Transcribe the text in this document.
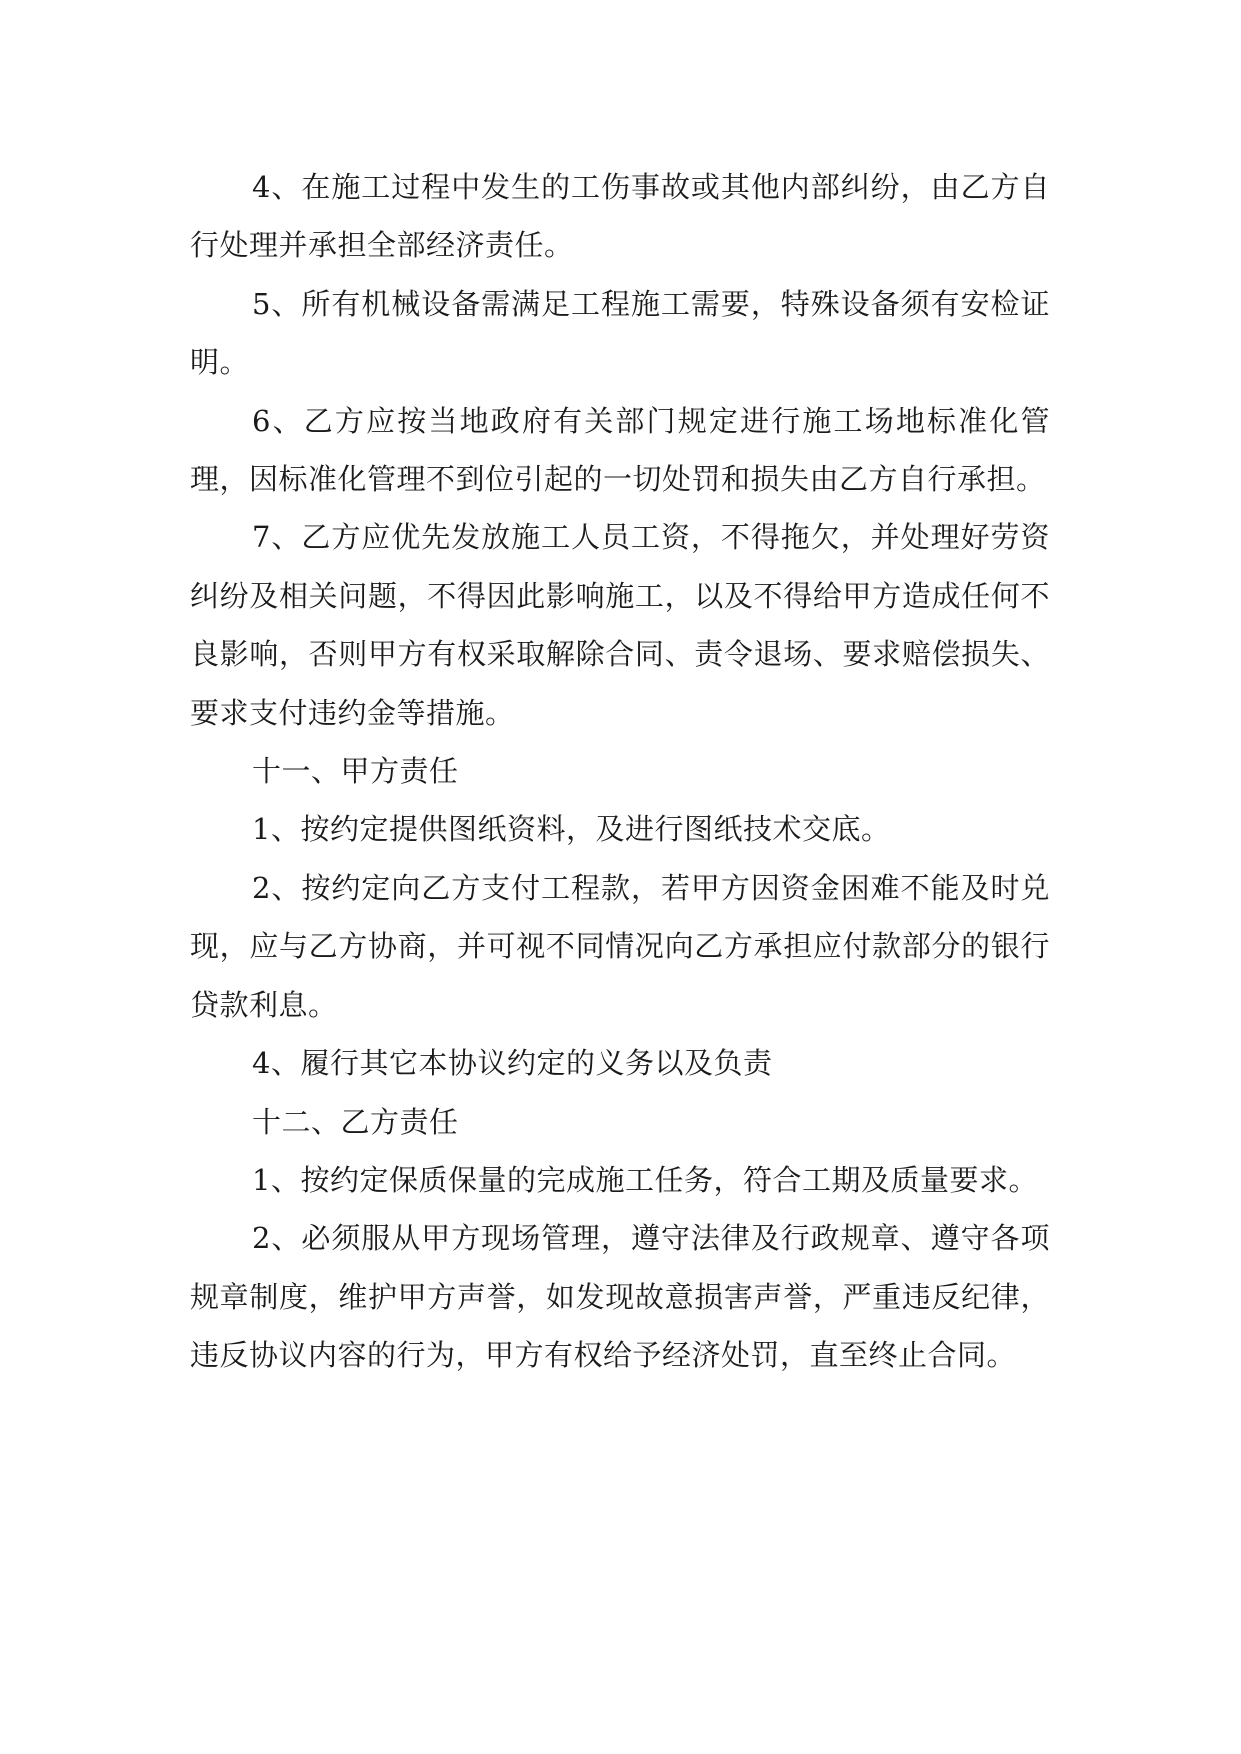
4、在施工过程中发生的工伤事故或其他内部纠纷，由乙方自行处理并承担全部经济责任。

5、所有机械设备需满足工程施工需要，特殊设备须有安检证明。

6、乙方应按当地政府有关部门规定进行施工场地标准化管理，因标准化管理不到位引起的一切处罚和损失由乙方自行承担。

7、乙方应优先发放施工人员工资，不得拖欠，并处理好劳资纠纷及相关问题，不得因此影响施工，以及不得给甲方造成任何不良影响，否则甲方有权采取解除合同、责令退场、要求赔偿损失、要求支付违约金等措施。

十一、甲方责任

1、按约定提供图纸资料，及进行图纸技术交底。

2、按约定向乙方支付工程款，若甲方因资金困难不能及时兑现，应与乙方协商，并可视不同情况向乙方承担应付款部分的银行贷款利息。

4、履行其它本协议约定的义务以及负责

十二、乙方责任

1、按约定保质保量的完成施工任务，符合工期及质量要求。

2、必须服从甲方现场管理，遵守法律及行政规章、遵守各项规章制度，维护甲方声誉，如发现故意损害声誉，严重违反纪律，违反协议内容的行为，甲方有权给予经济处罚，直至终止合同。
